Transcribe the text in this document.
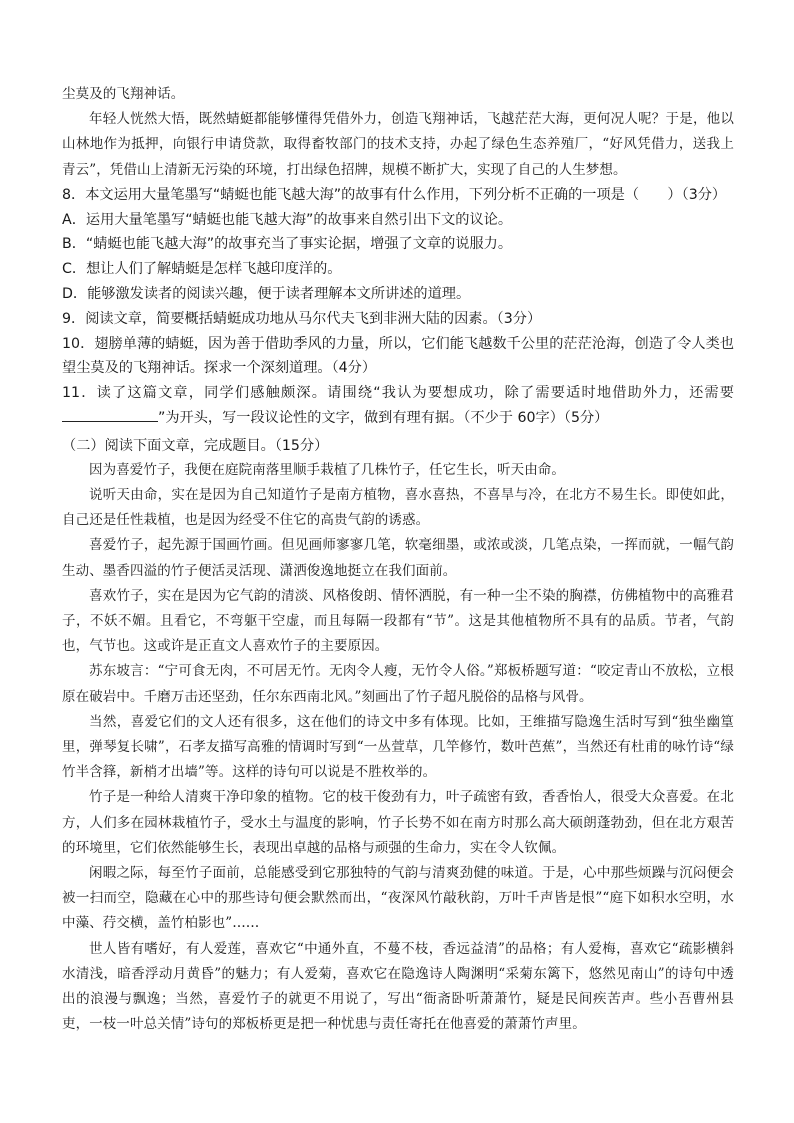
尘莫及的飞翔神话。

年轻人恍然大悟，既然蜻蜓都能够懂得凭借外力，创造飞翔神话，飞越茫茫大海，更何况人呢？于是，他以山林地作为抵押，向银行申请贷款，取得畜牧部门的技术支持，办起了绿色生态养殖厂，“好风凭借力，送我上青云”，凭借山上清新无污染的环境，打出绿色招牌，规模不断扩大，实现了自己的人生梦想。

8．本文运用大量笔墨写“蜻蜓也能飞越大海”的故事有什么作用，下列分析不正确的一项是（　　）（3分）

A．运用大量笔墨写“蜻蜓也能飞越大海”的故事来自然引出下文的议论。

B．“蜻蜓也能飞越大海”的故事充当了事实论据，增强了文章的说服力。

C．想让人们了解蜻蜓是怎样飞越印度洋的。

D．能够激发读者的阅读兴趣，便于读者理解本文所讲述的道理。

9．阅读文章，简要概括蜻蜓成功地从马尔代夫飞到非洲大陆的因素。（3分）

10．翅膀单薄的蜻蜓，因为善于借助季风的力量，所以，它们能飞越数千公里的茫茫沧海，创造了令人类也望尘莫及的飞翔神话。探求一个深刻道理。（4分）

11．读了这篇文章，同学们感触颇深。请围绕“我认为要想成功，除了需要适时地借助外力，还需要”为开头，写一段议论性的文字，做到有理有据。（不少于 60字）（5分）

（二）阅读下面文章，完成题目。（15分）

因为喜爱竹子，我便在庭院南落里顺手栽植了几株竹子，任它生长，听天由命。

说听天由命，实在是因为自己知道竹子是南方植物，喜水喜热，不喜旱与冷，在北方不易生长。即使如此，自己还是任性栽植，也是因为经受不住它的高贵气韵的诱惑。

喜爱竹子，起先源于国画竹画。但见画师寥寥几笔，软毫细墨，或浓或淡，几笔点染，一挥而就，一幅气韵生动、墨香四溢的竹子便活灵活现、潇洒俊逸地挺立在我们面前。

喜欢竹子，实在是因为它气韵的清淡、风格俊朗、情怀洒脱，有一种一尘不染的胸襟，仿佛植物中的高雅君子，不妖不媚。且看它，不弯躯干空虚，而且每隔一段都有“节”。这是其他植物所不具有的品质。节者，气韵也，气节也。这或许是正直文人喜欢竹子的主要原因。

苏东坡言：“宁可食无肉，不可居无竹。无肉令人瘦，无竹令人俗。”郑板桥题写道：“咬定青山不放松，立根原在破岩中。千磨万击还坚劲，任尔东西南北风。”刻画出了竹子超凡脱俗的品格与风骨。

当然，喜爱它们的文人还有很多，这在他们的诗文中多有体现。比如，王维描写隐逸生活时写到“独坐幽篁里，弹琴复长啸”，石孝友描写高雅的情调时写到“一丛萱草，几竿修竹，数叶芭蕉”，当然还有杜甫的咏竹诗“绿竹半含箨，新梢才出墙”等。这样的诗句可以说是不胜枚举的。

竹子是一种给人清爽干净印象的植物。它的枝干俊劲有力，叶子疏密有致，香香怡人，很受大众喜爱。在北方，人们多在园林栽植竹子，受水土与温度的影响，竹子长势不如在南方时那么高大硕朗蓬勃劲，但在北方艰苦的环境里，它们依然能够生长，表现出卓越的品格与顽强的生命力，实在令人钦佩。

闲暇之际，每至竹子面前，总能感受到它那独特的气韵与清爽劲健的味道。于是，心中那些烦躁与沉闷便会被一扫而空，隐藏在心中的那些诗句便会默然而出，“夜深风竹敲秋韵，万叶千声皆是恨”“庭下如积水空明，水中藻、荇交横，盖竹柏影也”……

世人皆有嗜好，有人爱莲，喜欢它“中通外直，不蔓不枝，香远益清”的品格；有人爱梅，喜欢它“疏影横斜水清浅，暗香浮动月黄昏”的魅力；有人爱菊，喜欢它在隐逸诗人陶渊明“采菊东篱下，悠然见南山”的诗句中透出的浪漫与飘逸；当然，喜爱竹子的就更不用说了，写出“衙斋卧听萧萧竹，疑是民间疾苦声。些小吾曹州县吏，一枝一叶总关情”诗句的郑板桥更是把一种忧患与责任寄托在他喜爱的萧萧竹声里。
